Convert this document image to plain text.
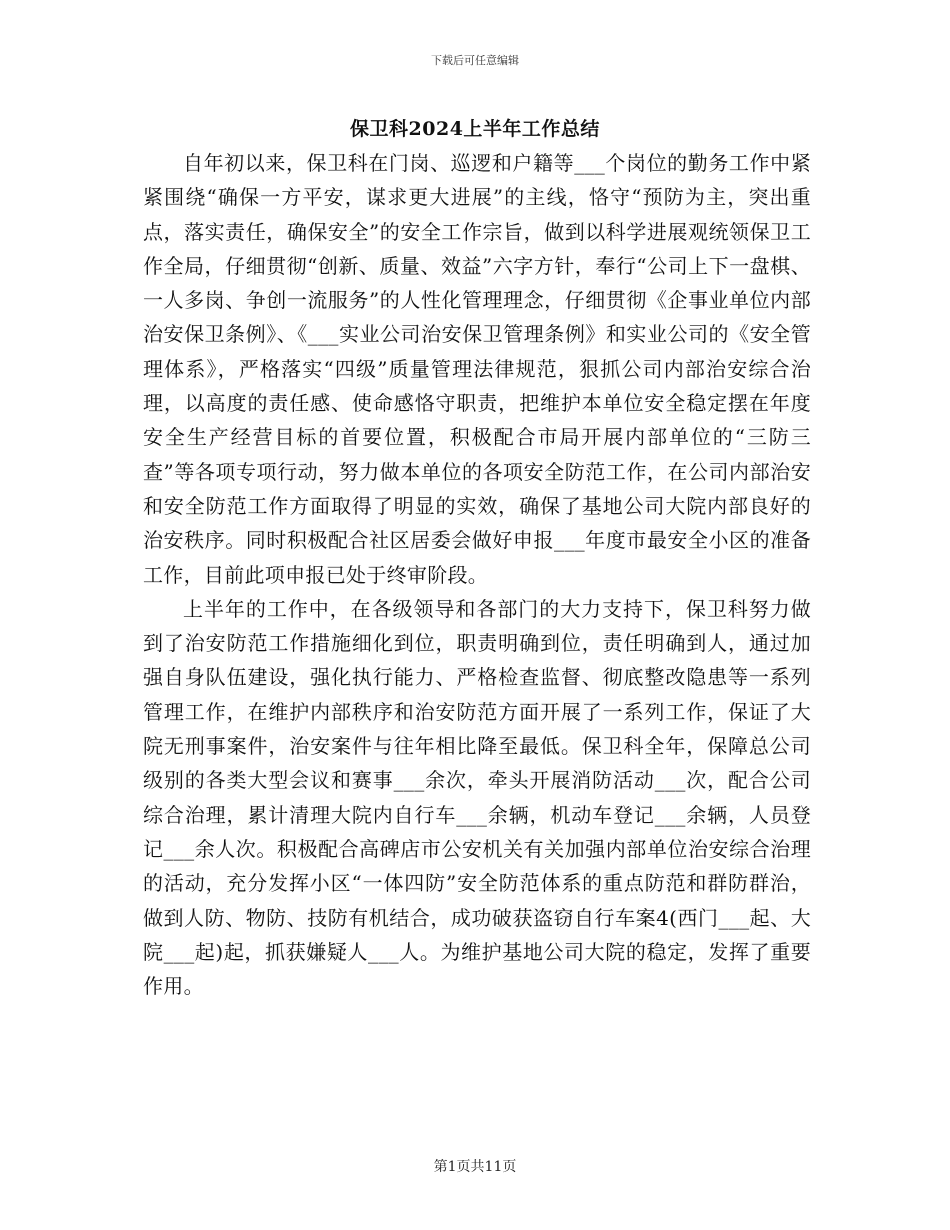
下载后可任意编辑
保卫科2024上半年工作总结

自年初以来，保卫科在门岗、巡逻和户籍等___个岗位的勤务工作中紧紧围绕“确保一方平安，谋求更大进展”的主线，恪守“预防为主，突出重点，落实责任，确保安全”的安全工作宗旨，做到以科学进展观统领保卫工作全局，仔细贯彻“创新、质量、效益”六字方针，奉行“公司上下一盘棋、一人多岗、争创一流服务”的人性化管理理念，仔细贯彻《企事业单位内部治安保卫条例》、《___实业公司治安保卫管理条例》和实业公司的《安全管理体系》，严格落实“四级”质量管理法律规范，狠抓公司内部治安综合治理，以高度的责任感、使命感恪守职责，把维护本单位安全稳定摆在年度安全生产经营目标的首要位置，积极配合市局开展内部单位的“三防三查”等各项专项行动，努力做本单位的各项安全防范工作，在公司内部治安和安全防范工作方面取得了明显的实效，确保了基地公司大院内部良好的治安秩序。同时积极配合社区居委会做好申报___年度市最安全小区的准备工作，目前此项申报已处于终审阶段。

上半年的工作中，在各级领导和各部门的大力支持下，保卫科努力做到了治安防范工作措施细化到位，职责明确到位，责任明确到人，通过加强自身队伍建设，强化执行能力、严格检查监督、彻底整改隐患等一系列管理工作，在维护内部秩序和治安防范方面开展了一系列工作，保证了大院无刑事案件，治安案件与往年相比降至最低。保卫科全年，保障总公司级别的各类大型会议和赛事___余次，牵头开展消防活动___次，配合公司综合治理，累计清理大院内自行车___余辆，机动车登记___余辆，人员登记___余人次。积极配合高碑店市公安机关有关加强内部单位治安综合治理的活动，充分发挥小区“一体四防”安全防范体系的重点防范和群防群治，做到人防、物防、技防有机结合，成功破获盗窃自行车案4(西门___起、大院___起)起，抓获嫌疑人___人。为维护基地公司大院的稳定，发挥了重要作用。

第1页共11页
